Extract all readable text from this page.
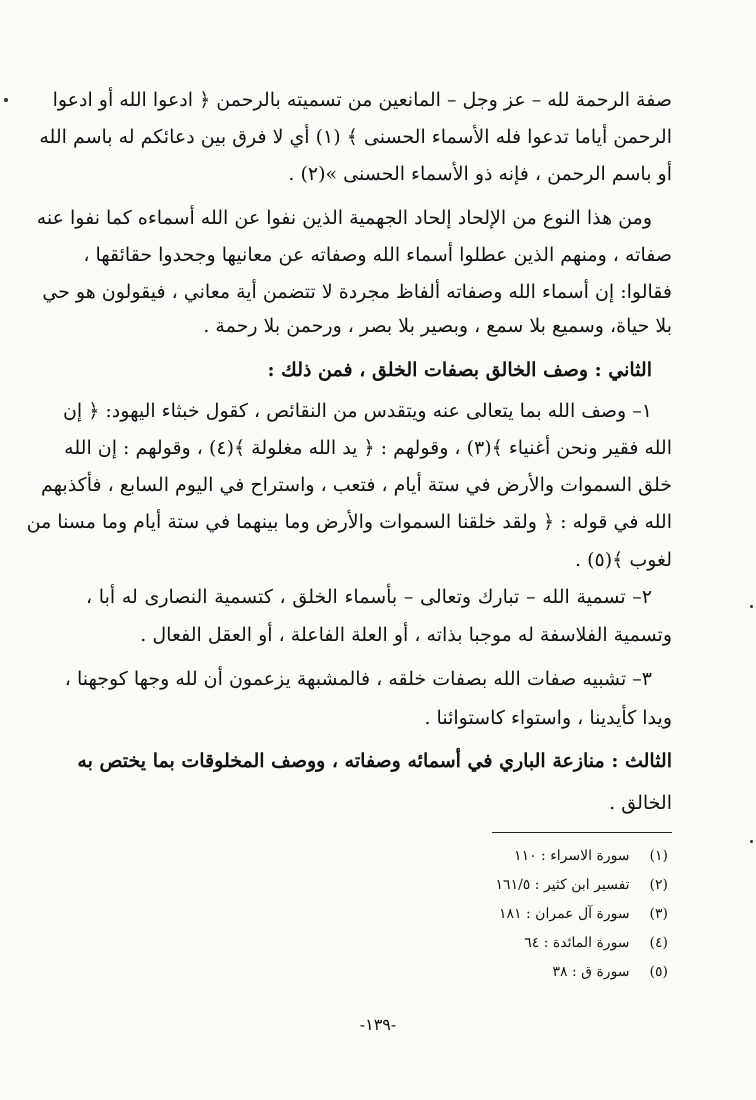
صفة الرحمة لله – عز وجل – المانعين من تسميته بالرحمن ﴿ ادعوا الله أو ادعوا
الرحمن أياما تدعوا فله الأسماء الحسنى ﴾ (١) أي لا فرق بين دعائكم له باسم الله
أو باسم الرحمن ، فإنه ذو الأسماء الحسنى »(٢) .
ومن هذا النوع من الإلحاد إلحاد الجهمية الذين نفوا عن الله أسماءه كما نفوا عنه
صفاته ، ومنهم الذين عطلوا أسماء الله وصفاته عن معانيها وجحدوا حقائقها ،
فقالوا: إن أسماء الله وصفاته ألفاظ مجردة لا تتضمن أية معاني ، فيقولون هو حي
بلا حياة، وسميع بلا سمع ، وبصير بلا بصر ، ورحمن بلا رحمة .
الثاني : وصف الخالق بصفات الخلق ، فمن ذلك :
١– وصف الله بما يتعالى عنه ويتقدس من النقائص ، كقول خبثاء اليهود: ﴿ إن
الله فقير ونحن أغنياء ﴾(٣) ، وقولهم : ﴿ يد الله مغلولة ﴾(٤) ، وقولهم : إن الله
خلق السموات والأرض في ستة أيام ، فتعب ، واستراح في اليوم السابع ، فأكذبهم
الله في قوله : ﴿ ولقد خلقنا السموات والأرض وما بينهما في ستة أيام وما مسنا من
لغوب ﴾(٥) .
٢– تسمية الله – تبارك وتعالى – بأسماء الخلق ، كتسمية النصارى له أبا ،
وتسمية الفلاسفة له موجبا بذاته ، أو العلة الفاعلة ، أو العقل الفعال .
٣– تشبيه صفات الله بصفات خلقه ، فالمشبهة يزعمون أن لله وجها كوجهنا ،
ويدا كأيدينا ، واستواء كاستوائنا .
الثالث : منازعة الباري في أسمائه وصفاته ، ووصف المخلوقات بما يختص به
الخالق .
(١) سورة الاسراء : ١١٠
(٢) تفسير ابن كثير : ١٦١/٥
(٣) سورة آل عمران : ١٨١
(٤) سورة المائدة : ٦٤
(٥) سورة ق : ٣٨
-١٣٩-
